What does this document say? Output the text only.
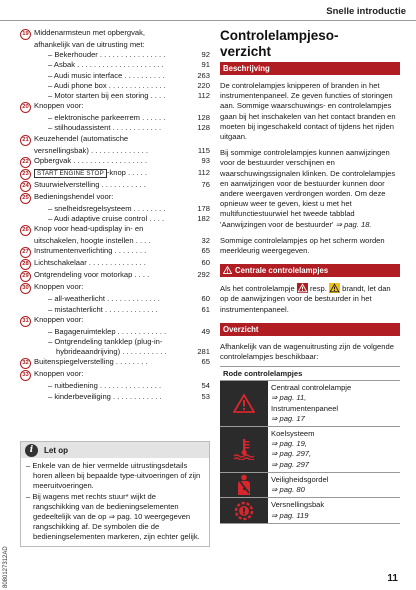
Snelle introductie
19 Middenarmsteun met opbergvak,
afhankelijk van de uitrusting met:
– Bekerhouder . . . . . . . . . . . . . . . .	92
– Asbak . . . . . . . . . . . . . . . . . . . . .	91
– Audi music interface . . . . . . . . . .	263
– Audi phone box . . . . . . . . . . . . . .	220
– Motor starten bij een storing . . . .	112
20 Knoppen voor:
– elektronische parkeerrem . . . . . .	128
– stilhoudassistent . . . . . . . . . . . .	128
21 Keuzehendel (automatische
versnellingsbak) . . . . . . . . . . . . . .	115
22 Opbergvak . . . . . . . . . . . . . . . . . .	93
23	START ENGINE STOP -knop . . . . .	112
24 Stuurwielverstelling . . . . . . . . . . .	76
25 Bedieningshendel voor:
– snelheidsregelsysteem . . . . . . . .	178
– Audi adaptive cruise control . . . .	182
26 Knop voor head-updisplay in- en
uitschakelen, hoogte instellen . . . .	32
27 Instrumentenverlichting . . . . . . . .	65
28 Lichtschakelaar . . . . . . . . . . . . . .	60
29 Ontgrendeling voor motorkap . . . .	292
30 Knoppen voor:
– all-weatherlicht . . . . . . . . . . . . .	60
– mistachterlicht . . . . . . . . . . . . .	61
31 Knoppen voor:
– Bagageruimteklep . . . . . . . . . . . .	49
– Ontgrendeling tankklep (plug-in-
hybrideaandrijving) . . . . . . . . . . .	281
32 Buitenspiegelverstelling . . . . . . . .	65
33 Knoppen voor:
– ruitbediening . . . . . . . . . . . . . . .	54
– kinderbeveiliging . . . . . . . . . . . .	53
i	Let op

– Enkele van de hier vermelde uitrustingsdetails horen alleen bij bepaalde type-uitvoeringen of zijn meeruitvoeringen.

– Bij wagens met rechts stuur* wijkt de rangschikking van de bedieningselementen gedeeltelijk van de op ⇒ pag. 10 weergegeven rangschikking af. De symbolen die de bedieningselementen markeren, zijn echter gelijk.

8080127312AD
Controlelampjeso-
verzicht
Beschrijving
De controlelampjes knipperen of branden in het instrumentenpaneel. Ze geven functies of storingen aan. Sommige waarschuwings- en controlelampjes gaan bij het inschakelen van het contact branden en moeten bij ingeschakeld contact of tijdens het rijden uitgaan.
Bij sommige controlelampjes kunnen aanwijzingen voor de bestuurder verschijnen en waarschuwingssignalen klinken. De controlelampjes en aanwijzingen voor de bestuurder kunnen door andere weergaven verdrongen worden. Om deze opnieuw weer te geven, kiest u met het multifunctiestuurwiel het tweede tabblad 'Aanwijzingen voor de bestuurder' ⇒ pag. 18.
Sommige controlelampjes op het scherm worden meerkleurig weergegeven.
Centrale controlelampjes
Als het controlelampje resp. brandt, let dan op de aanwijzingen voor de bestuurder in het instrumentenpaneel.
Overzicht
Afhankelijk van de wagenuitrusting zijn de volgende controlelampjes beschikbaar:
Rode controlelampjes
Centraal controlelampje
⇒ pag. 11,
Instrumentenpaneel
⇒ pag. 17
Koelsysteem
⇒ pag. 19,
⇒ pag. 297,
⇒ pag. 297
Veiligheidsgordel
⇒ pag. 80
Versnellingsbak
⇒ pag. 119
11
